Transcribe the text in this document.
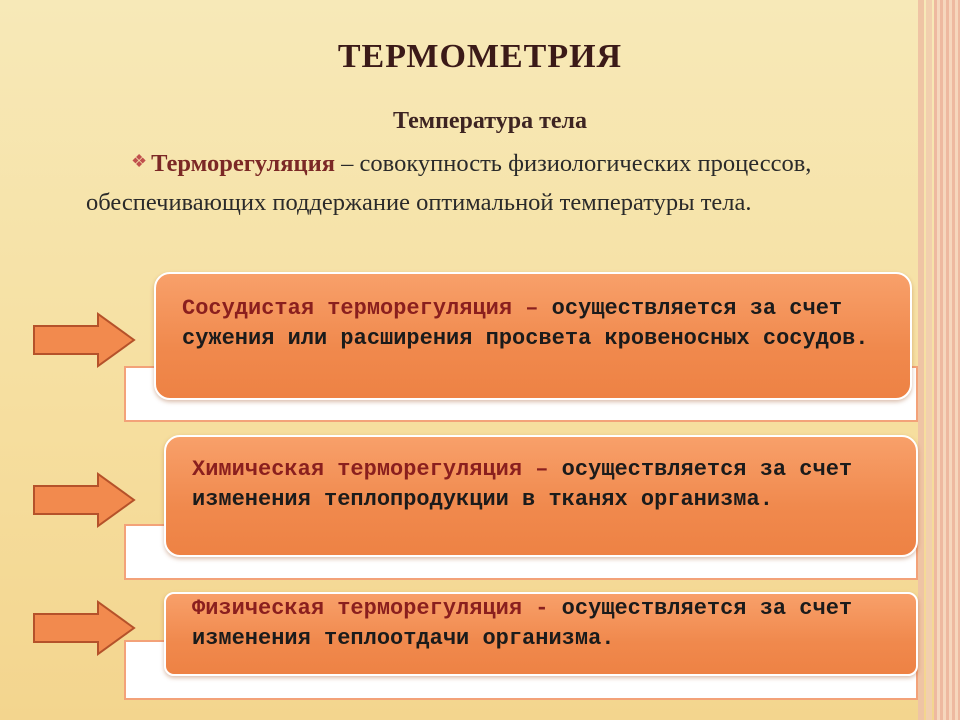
ТЕРМОМЕТРИЯ
Температура тела
❖ Терморегуляция – совокупность физиологических процессов, обеспечивающих поддержание оптимальной температуры тела.
Сосудистая терморегуляция – осуществляется за счет сужения или расширения просвета кровеносных сосудов.
Химическая терморегуляция – осуществляется за счет изменения теплопродукции в тканях организма.
Физическая терморегуляция - осуществляется за счет изменения теплоотдачи организма.
